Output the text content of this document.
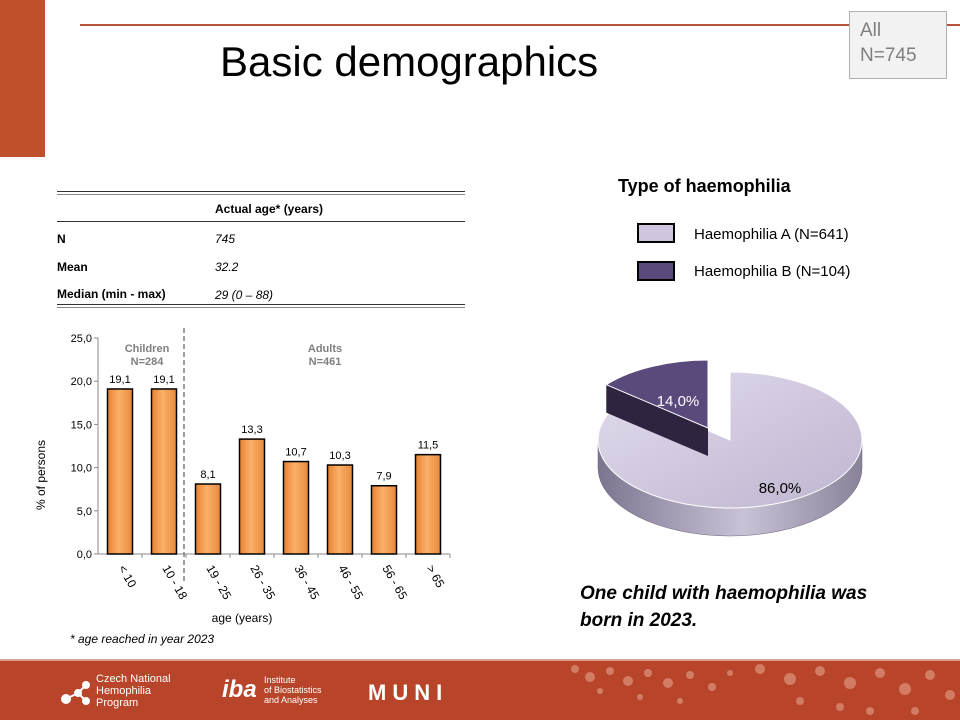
Basic demographics
All
N=745
Actual age* (years)
N	745
Mean	32.2
Median (min - max)	29 (0 – 88)
0,0
5,0
10,0
15,0
20,0
25,0
19,1
< 10
19,1
10 - 18
8,1
19 - 25
13,3
26 - 35
10,7
36 - 45
10,3
46 - 55
7,9
56 - 65
11,5
> 65
% of persons
age (years)
Children
N=284
Adults
N=461
* age reached in year 2023
Type of haemophilia
Haemophilia A (N=641)
Haemophilia B (N=104)
86,0%
14,0%
One child with haemophilia was
born in 2023.
Czech National
Hemophilia
Program	iba Institute
of Biostatistics
and Analyses MUNI
